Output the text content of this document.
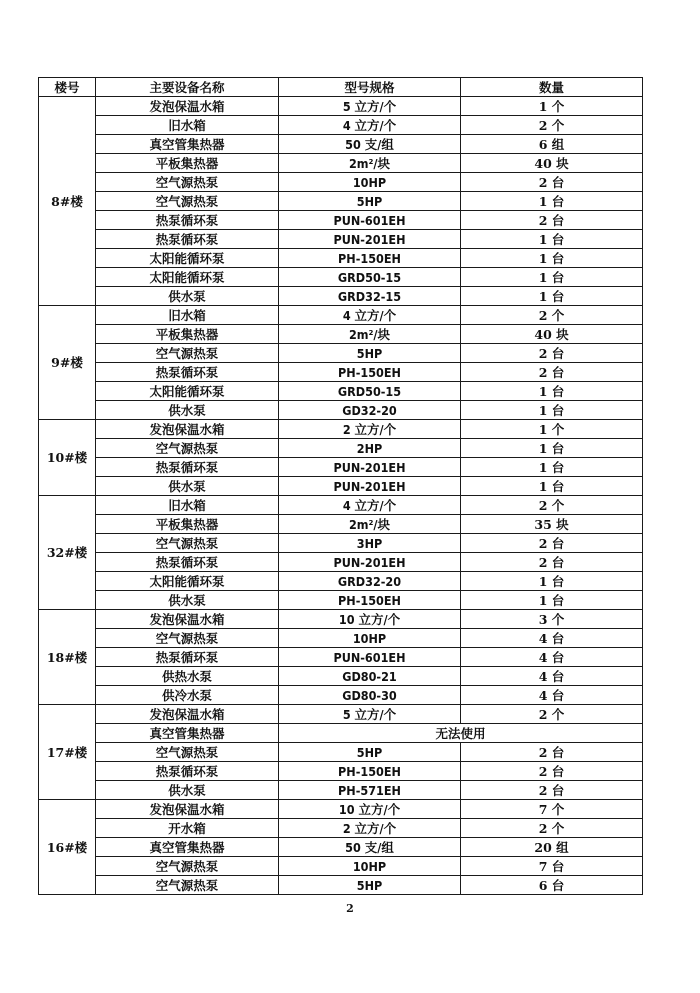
楼号	主要设备名称	型号规格	数量
8#楼	发泡保温水箱	5 立方/个	1 个
	旧水箱	4 立方/个	2 个
	真空管集热器	50 支/组	6 组
	平板集热器	2m²/块	40 块
	空气源热泵	10HP	2 台
	空气源热泵	5HP	1 台
	热泵循环泵	PUN-601EH	2 台
	热泵循环泵	PUN-201EH	1 台
	太阳能循环泵	PH-150EH	1 台
	太阳能循环泵	GRD50-15	1 台
	供水泵	GRD32-15	1 台
9#楼	旧水箱	4 立方/个	2 个
	平板集热器	2m²/块	40 块
	空气源热泵	5HP	2 台
	热泵循环泵	PH-150EH	2 台
	太阳能循环泵	GRD50-15	1 台
	供水泵	GD32-20	1 台
10#楼	发泡保温水箱	2 立方/个	1 个
	空气源热泵	2HP	1 台
	热泵循环泵	PUN-201EH	1 台
	供水泵	PUN-201EH	1 台
32#楼	旧水箱	4 立方/个	2 个
	平板集热器	2m²/块	35 块
	空气源热泵	3HP	2 台
	热泵循环泵	PUN-201EH	2 台
	太阳能循环泵	GRD32-20	1 台
	供水泵	PH-150EH	1 台
18#楼	发泡保温水箱	10 立方/个	3 个
	空气源热泵	10HP	4 台
	热泵循环泵	PUN-601EH	4 台
	供热水泵	GD80-21	4 台
	供冷水泵	GD80-30	4 台
17#楼	发泡保温水箱	5 立方/个	2 个
	真空管集热器	无法使用	
	空气源热泵	5HP	2 台
	热泵循环泵	PH-150EH	2 台
	供水泵	PH-571EH	2 台
16#楼	发泡保温水箱	10 立方/个	7 个
	开水箱	2 立方/个	2 个
	真空管集热器	50 支/组	20 组
	空气源热泵	10HP	7 台
	空气源热泵	5HP	6 台
2
